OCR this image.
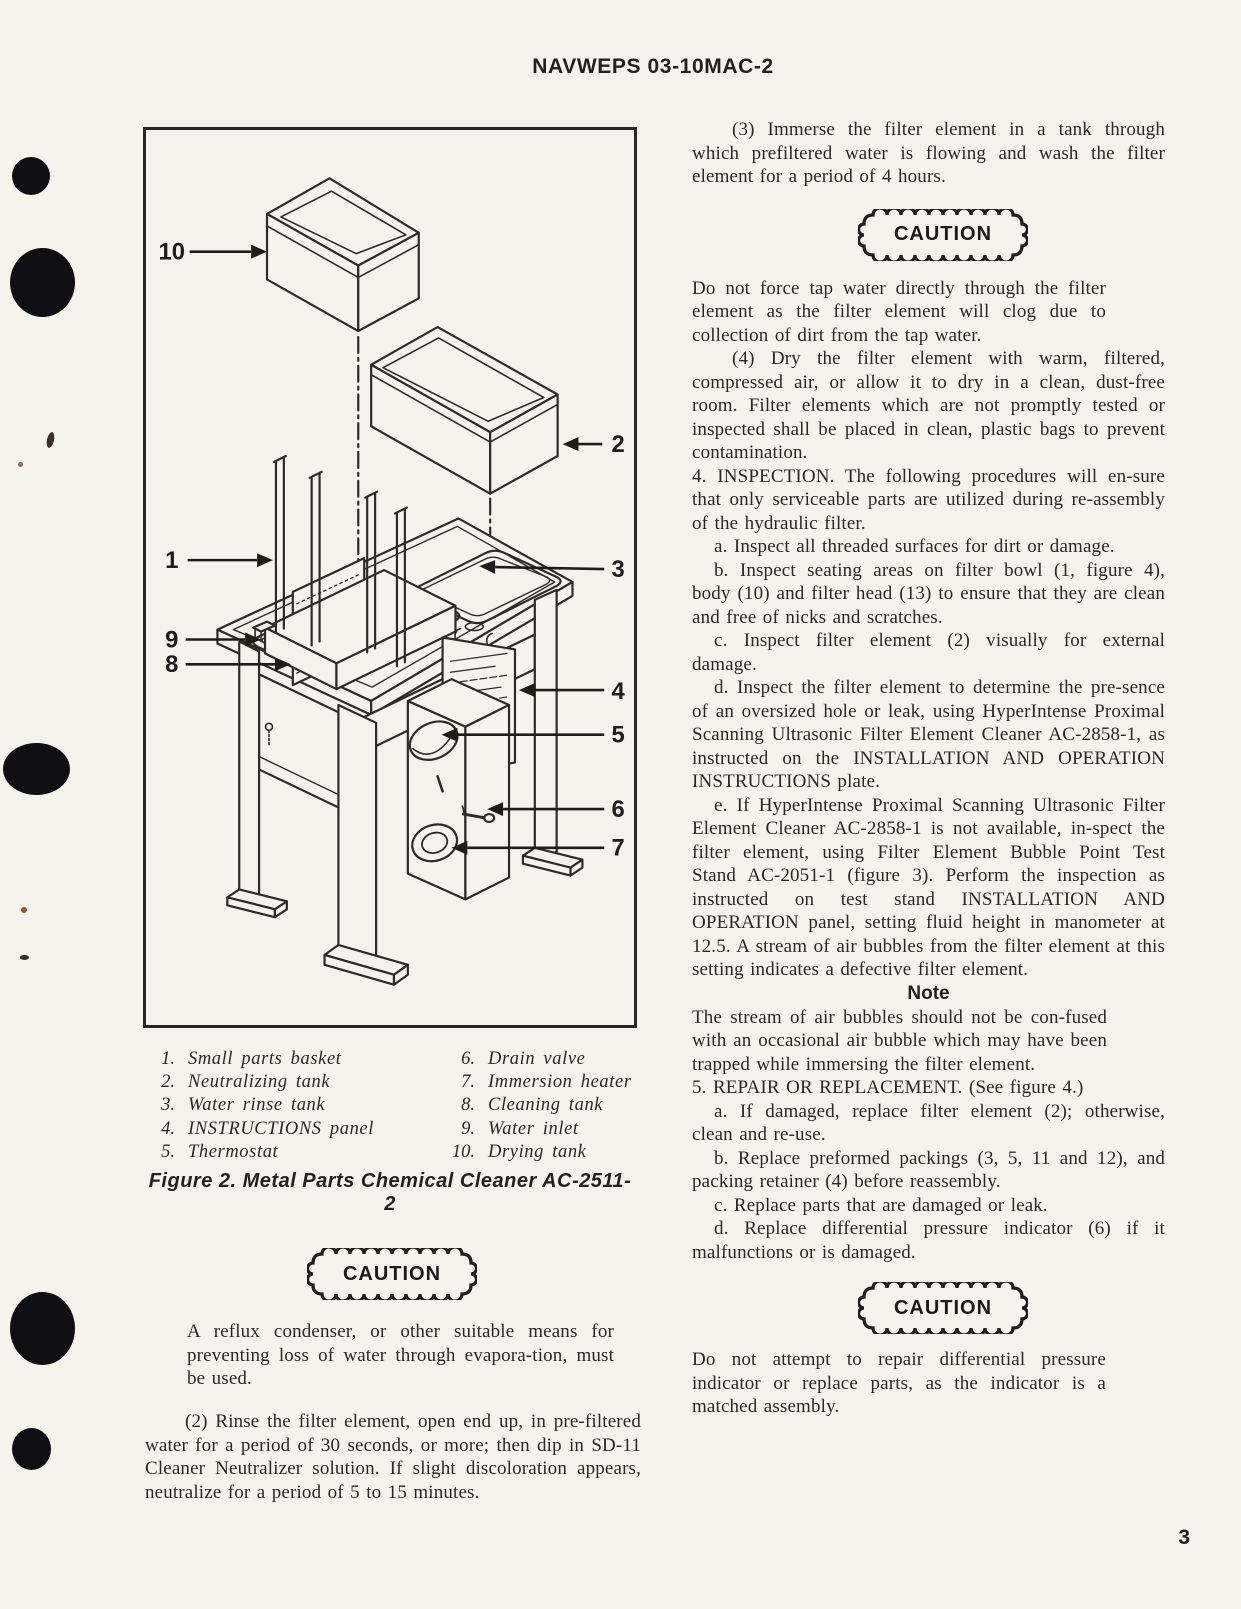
NAVWEPS 03-10MAC-2
10
2
1	3
9
8
4
5
6
7
1. Small parts basket
2. Neutralizing tank
3. Water rinse tank
4. INSTRUCTIONS panel
5. Thermostat
6. Drain valve
7. Immersion heater
8. Cleaning tank
9. Water inlet
10. Drying tank
Figure 2. Metal Parts Chemical Cleaner AC-2511-2
CAUTION
A reflux condenser, or other suitable means for preventing loss of water through evapora-tion, must be used.
(2) Rinse the filter element, open end up, in pre-filtered water for a period of 30 seconds, or more; then dip in SD-11 Cleaner Neutralizer solution. If slight discoloration appears, neutralize for a period of 5 to 15 minutes.
(3) Immerse the filter element in a tank through which prefiltered water is flowing and wash the filter element for a period of 4 hours.
CAUTION
Do not force tap water directly through the filter element as the filter element will clog due to collection of dirt from the tap water.
(4) Dry the filter element with warm, filtered, compressed air, or allow it to dry in a clean, dust-free room. Filter elements which are not promptly tested or inspected shall be placed in clean, plastic bags to prevent contamination.
4. INSPECTION. The following procedures will en-sure that only serviceable parts are utilized during re-assembly of the hydraulic filter.
a. Inspect all threaded surfaces for dirt or damage.
b. Inspect seating areas on filter bowl (1, figure 4), body (10) and filter head (13) to ensure that they are clean and free of nicks and scratches.
c. Inspect filter element (2) visually for external damage.
d. Inspect the filter element to determine the pre-sence of an oversized hole or leak, using HyperIntense Proximal Scanning Ultrasonic Filter Element Cleaner AC-2858-1, as instructed on the INSTALLATION AND OPERATION INSTRUCTIONS plate.
e. If HyperIntense Proximal Scanning Ultrasonic Filter Element Cleaner AC-2858-1 is not available, in-spect the filter element, using Filter Element Bubble Point Test Stand AC-2051-1 (figure 3). Perform the inspection as instructed on test stand INSTALLATION AND OPERATION panel, setting fluid height in manometer at 12.5. A stream of air bubbles from the filter element at this setting indicates a defective filter element.
Note
The stream of air bubbles should not be con-fused with an occasional air bubble which may have been trapped while immersing the filter element.
5. REPAIR OR REPLACEMENT. (See figure 4.)
a. If damaged, replace filter element (2); otherwise, clean and re-use.
b. Replace preformed packings (3, 5, 11 and 12), and packing retainer (4) before reassembly.
c. Replace parts that are damaged or leak.
d. Replace differential pressure indicator (6) if it malfunctions or is damaged.
CAUTION
Do not attempt to repair differential pressure indicator or replace parts, as the indicator is a matched assembly.
3
